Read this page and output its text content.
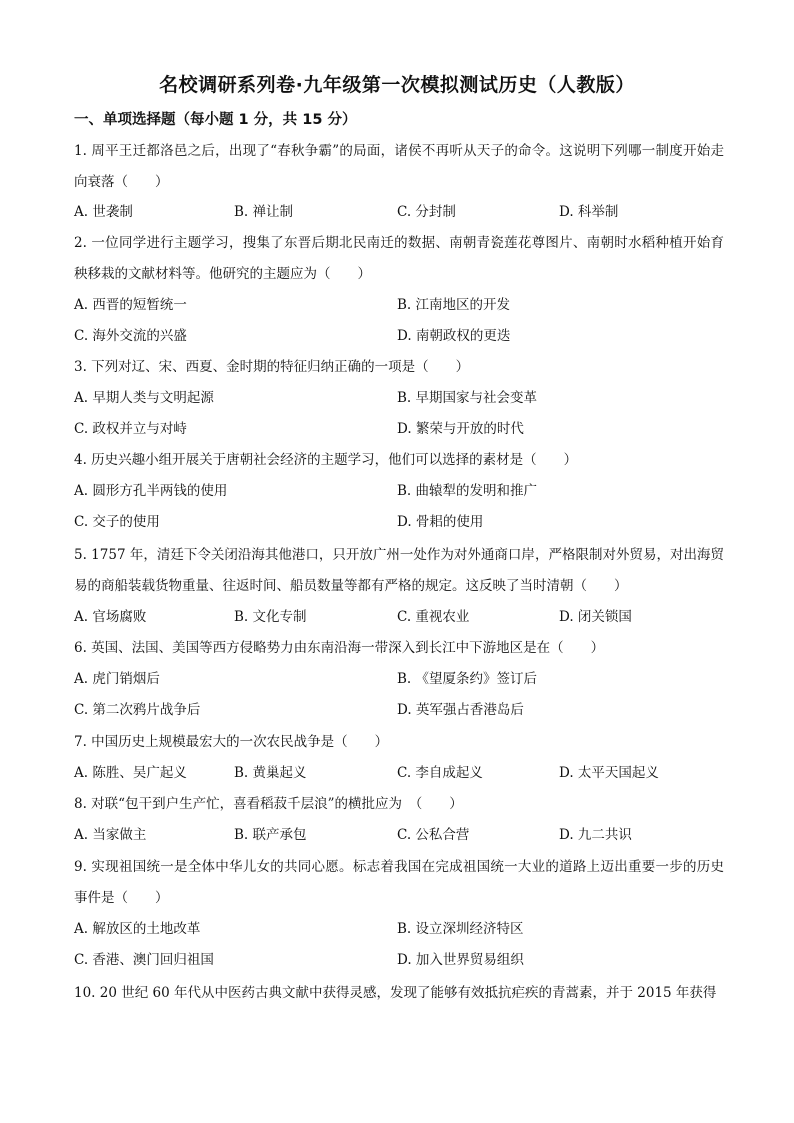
名校调研系列卷·九年级第一次模拟测试历史（人教版）
一、单项选择题（每小题 1 分，共 15 分）
1. 周平王迁都洛邑之后，出现了“春秋争霸”的局面，诸侯不再听从天子的命令。这说明下列哪一制度开始走向衰落（　　）
A. 世袭制	B. 禅让制	C. 分封制	D. 科举制
2. 一位同学进行主题学习，搜集了东晋后期北民南迁的数据、南朝青瓷莲花尊图片、南朝时水稻种植开始育秧移栽的文献材料等。他研究的主题应为（　　）
A. 西晋的短暂统一	B. 江南地区的开发
C. 海外交流的兴盛	D. 南朝政权的更迭
3. 下列对辽、宋、西夏、金时期的特征归纳正确的一项是（　　）
A. 早期人类与文明起源	B. 早期国家与社会变革
C. 政权并立与对峙	D. 繁荣与开放的时代
4. 历史兴趣小组开展关于唐朝社会经济的主题学习，他们可以选择的素材是（　　）
A. 圆形方孔半两钱的使用	B. 曲辕犁的发明和推广
C. 交子的使用	D. 骨耜的使用
5. 1757 年，清廷下令关闭沿海其他港口，只开放广州一处作为对外通商口岸，严格限制对外贸易，对出海贸易的商船装载货物重量、往返时间、船员数量等都有严格的规定。这反映了当时清朝（　　）
A. 官场腐败	B. 文化专制	C. 重视农业	D. 闭关锁国
6. 英国、法国、美国等西方侵略势力由东南沿海一带深入到长江中下游地区是在（　　）
A. 虎门销烟后	B. 《望厦条约》签订后
C. 第二次鸦片战争后	D. 英军强占香港岛后
7. 中国历史上规模最宏大的一次农民战争是（　　）
A. 陈胜、吴广起义	B. 黄巢起义	C. 李自成起义	D. 太平天国起义
8. 对联“包干到户生产忙，喜看稻菽千层浪”的横批应为　（　　）
A. 当家做主	B. 联产承包	C. 公私合营	D. 九二共识
9. 实现祖国统一是全体中华儿女的共同心愿。标志着我国在完成祖国统一大业的道路上迈出重要一步的历史事件是（　　）
A. 解放区的土地改革	B. 设立深圳经济特区
C. 香港、澳门回归祖国	D. 加入世界贸易组织
10. 20 世纪 60 年代从中医药古典文献中获得灵感，发现了能够有效抵抗疟疾的青蒿素，并于 2015 年获得
